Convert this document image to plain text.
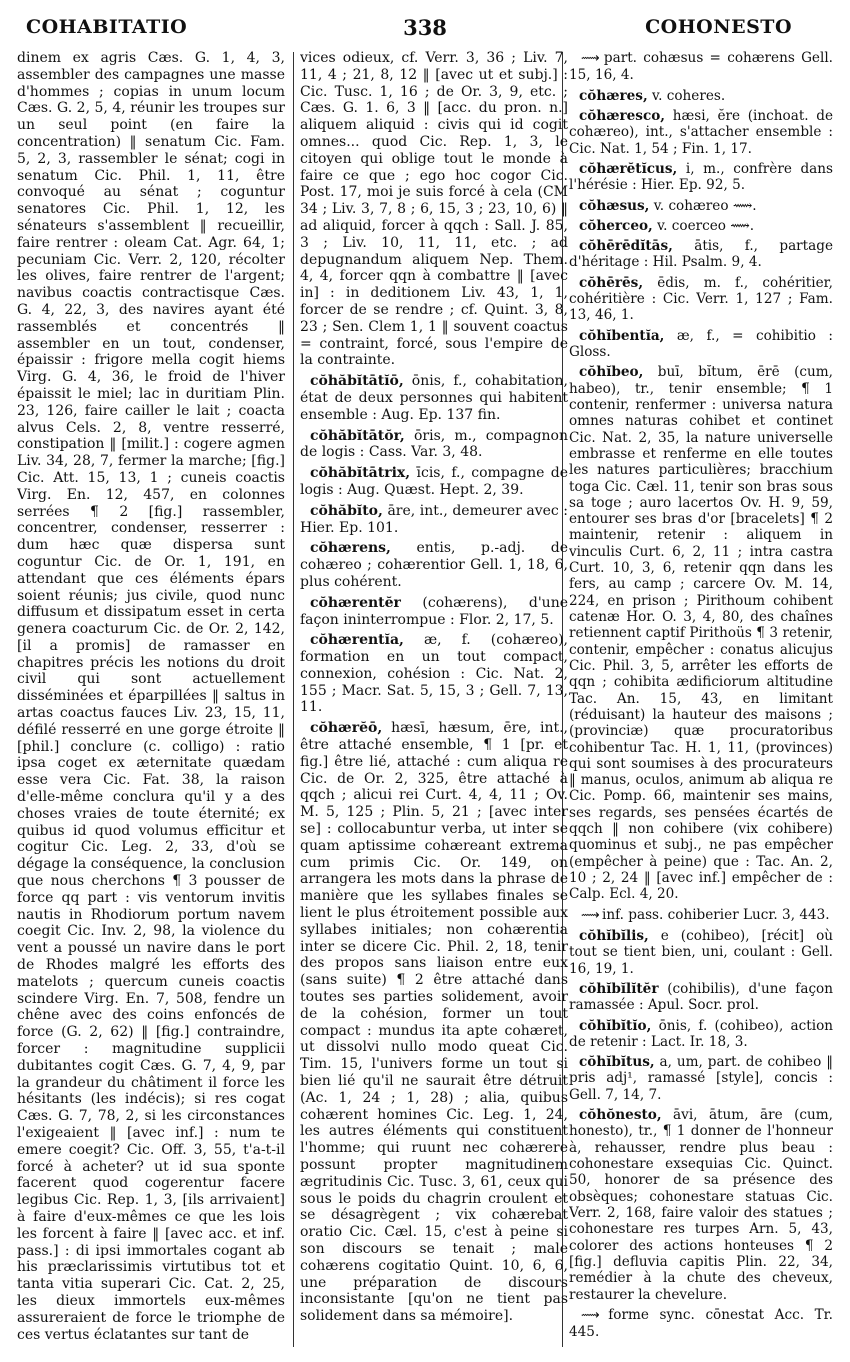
COHABITATIO	338	COHONESTO

dinem ex agris Cæs. G. 1, 4, 3, assembler des campagnes une masse d'hommes ; copias in unum locum Cæs. G. 2, 5, 4, réunir les troupes sur un seul point (en faire la concentration) ‖ senatum Cic. Fam. 5, 2, 3, rassembler le sénat; cogi in senatum Cic. Phil. 1, 11, être convoqué au sénat ; coguntur senatores Cic. Phil. 1, 12, les sénateurs s'assemblent ‖ recueillir, faire rentrer : oleam Cat. Agr. 64, 1; pecuniam Cic. Verr. 2, 120, récolter les olives, faire rentrer de l'argent; navibus coactis contractisque Cæs. G. 4, 22, 3, des navires ayant été rassemblés et concentrés ‖ assembler en un tout, condenser, épaissir : frigore mella cogit hiems Virg. G. 4, 36, le froid de l'hiver épaissit le miel; lac in duritiam Plin. 23, 126, faire cailler le lait ; coacta alvus Cels. 2, 8, ventre resserré, constipation ‖ [milit.] : cogere agmen Liv. 34, 28, 7, fermer la marche; [fig.] Cic. Att. 15, 13, 1 ; cuneis coactis Virg. En. 12, 457, en colonnes serrées ¶ 2 [fig.] rassembler, concentrer, condenser, resserrer : dum hæc quæ dispersa sunt coguntur Cic. de Or. 1, 191, en attendant que ces éléments épars soient réunis; jus civile, quod nunc diffusum et dissipatum esset in certa genera coacturum Cic. de Or. 2, 142, [il a promis] de ramasser en chapitres précis les notions du droit civil qui sont actuellement disséminées et éparpillées ‖ saltus in artas coactus fauces Liv. 23, 15, 11, défilé resserré en une gorge étroite ‖ [phil.] conclure (c. colligo) : ratio ipsa coget ex æternitate quædam esse vera Cic. Fat. 38, la raison d'elle-même conclura qu'il y a des choses vraies de toute éternité; ex quibus id quod volumus efficitur et cogitur Cic. Leg. 2, 33, d'où se dégage la conséquence, la conclusion que nous cherchons ¶ 3 pousser de force qq part : vis ventorum invitis nautis in Rhodiorum portum navem coegit Cic. Inv. 2, 98, la violence du vent a poussé un navire dans le port de Rhodes malgré les efforts des matelots ; quercum cuneis coactis scindere Virg. En. 7, 508, fendre un chêne avec des coins enfoncés de force (G. 2, 62) ‖ [fig.] contraindre, forcer : magnitudine supplicii dubitantes cogit Cæs. G. 7, 4, 9, par la grandeur du châtiment il force les hésitants (les indécis); si res cogat Cæs. G. 7, 78, 2, si les circonstances l'exigeaient ‖ [avec inf.] : num te emere coegit? Cic. Off. 3, 55, t'a-t-il forcé à acheter? ut id sua sponte facerent quod cogerentur facere legibus Cic. Rep. 1, 3, [ils arrivaient] à faire d'eux-mêmes ce que les lois les forcent à faire ‖ [avec acc. et inf. pass.] : di ipsi immortales cogant ab his præclarissimis virtutibus tot et tanta vitia superari Cic. Cat. 2, 25, les dieux immortels eux-mêmes assureraient de force le triomphe de ces vertus éclatantes sur tant de

vices odieux, cf. Verr. 3, 36 ; Liv. 7, 11, 4 ; 21, 8, 12 ‖ [avec ut et subj.] : Cic. Tusc. 1, 16 ; de Or. 3, 9, etc. ; Cæs. G. 1. 6, 3 ‖ [acc. du pron. n.] aliquem aliquid : civis qui id cogit omnes... quod Cic. Rep. 1, 3, le citoyen qui oblige tout le monde à faire ce que ; ego hoc cogor Cic. Post. 17, moi je suis forcé à cela (CM 34 ; Liv. 3, 7, 8 ; 6, 15, 3 ; 23, 10, 6) ‖ ad aliquid, forcer à qqch : Sall. J. 85, 3 ; Liv. 10, 11, 11, etc. ; ad depugnandum aliquem Nep. Them. 4, 4, forcer qqn à combattre ‖ [avec in] : in deditionem Liv. 43, 1, 1, forcer de se rendre ; cf. Quint. 3, 8, 23 ; Sen. Clem 1, 1 ‖ souvent coactus = contraint, forcé, sous l'empire de la contrainte.

cŏhăbĭtātĭō, ōnis, f., cohabitation, état de deux personnes qui habitent ensemble : Aug. Ep. 137 fin.

cŏhăbĭtātŏr, ōris, m., compagnon de logis : Cass. Var. 3, 48.

cŏhăbĭtātrix, īcis, f., compagne de logis : Aug. Quæst. Hept. 2, 39.

cŏhăbĭto, āre, int., demeurer avec : Hier. Ep. 101.

cŏhærens, entis, p.-adj. de cohæreo ; cohærentior Gell. 1, 18, 6, plus cohérent.

cŏhærentĕr (cohærens), d'une façon ininterrompue : Flor. 2, 17, 5.

cŏhærentĭa, æ, f. (cohæreo), formation en un tout compact, connexion, cohésion : Cic. Nat. 2, 155 ; Macr. Sat. 5, 15, 3 ; Gell. 7, 13, 11.

cŏhærĕō, hæsī, hæsum, ēre, int., être attaché ensemble, ¶ 1 [pr. et fig.] être lié, attaché : cum aliqua re Cic. de Or. 2, 325, être attaché à qqch ; alicui rei Curt. 4, 4, 11 ; Ov. M. 5, 125 ; Plin. 5, 21 ; [avec inter se] : collocabuntur verba, ut inter se quam aptissime cohæreant extrema cum primis Cic. Or. 149, on arrangera les mots dans la phrase de manière que les syllabes finales se lient le plus étroitement possible aux syllabes initiales; non cohærentia inter se dicere Cic. Phil. 2, 18, tenir des propos sans liaison entre eux (sans suite) ¶ 2 être attaché dans toutes ses parties solidement, avoir de la cohésion, former un tout compact : mundus ita apte cohæret, ut dissolvi nullo modo queat Cic. Tim. 15, l'univers forme un tout si bien lié qu'il ne saurait être détruit (Ac. 1, 24 ; 1, 28) ; alia, quibus cohærent homines Cic. Leg. 1, 24, les autres éléments qui constituent l'homme; qui ruunt nec cohærere possunt propter magnitudinem ægritudinis Cic. Tusc. 3, 61, ceux qui sous le poids du chagrin croulent et se désagrègent ; vix cohærebat oratio Cic. Cæl. 15, c'est à peine si son discours se tenait ; male cohærens cogitatio Quint. 10, 6, 6, une préparation de discours inconsistante [qu'on ne tient pas solidement dans sa mémoire].

⟿ part. cohæsus = cohærens Gell. 15, 16, 4.

cŏhæres, v. coheres.

cŏhæresco, hæsi, ĕre (inchoat. de cohæreo), int., s'attacher ensemble : Cic. Nat. 1, 54 ; Fin. 1, 17.

cŏhærĕtĭcus, i, m., confrère dans l'hérésie : Hier. Ep. 92, 5.

cŏhæsus, v. cohæreo ⟿.

cŏherceo, v. coerceo ⟿.

cŏhērēdĭtās, ātis, f., partage d'héritage : Hil. Psalm. 9, 4.

cŏhērēs, ēdis, m. f., cohéritier, cohéritière : Cic. Verr. 1, 127 ; Fam. 13, 46, 1.

cŏhĭbentĭa, æ, f., = cohibitio : Gloss.

cŏhĭbeo, buī, bĭtum, ērē (cum, habeo), tr., tenir ensemble; ¶ 1 contenir, renfermer : universa natura omnes naturas cohibet et continet Cic. Nat. 2, 35, la nature universelle embrasse et renferme en elle toutes les natures particulières; bracchium toga Cic. Cæl. 11, tenir son bras sous sa toge ; auro lacertos Ov. H. 9, 59, entourer ses bras d'or [bracelets] ¶ 2 maintenir, retenir : aliquem in vinculis Curt. 6, 2, 11 ; intra castra Curt. 10, 3, 6, retenir qqn dans les fers, au camp ; carcere Ov. M. 14, 224, en prison ; Pirithoum cohibent catenæ Hor. O. 3, 4, 80, des chaînes retiennent captif Pirithoüs ¶ 3 retenir, contenir, empêcher : conatus alicujus Cic. Phil. 3, 5, arrêter les efforts de qqn ; cohibita ædificiorum altitudine Tac. An. 15, 43, en limitant (réduisant) la hauteur des maisons ; (provinciæ) quæ procuratoribus cohibentur Tac. H. 1, 11, (provinces) qui sont soumises à des procurateurs ‖ manus, oculos, animum ab aliqua re Cic. Pomp. 66, maintenir ses mains, ses regards, ses pensées écartés de qqch ‖ non cohibere (vix cohibere) quominus et subj., ne pas empêcher (empêcher à peine) que : Tac. An. 2, 10 ; 2, 24 ‖ [avec inf.] empêcher de : Calp. Ecl. 4, 20.

⟿ inf. pass. cohiberier Lucr. 3, 443.

cŏhĭbĭlis, e (cohibeo), [récit] où tout se tient bien, uni, coulant : Gell. 16, 19, 1.

cŏhĭbĭlĭtĕr (cohibilis), d'une façon ramassée : Apul. Socr. prol.

cŏhĭbĭtĭo, ōnis, f. (cohibeo), action de retenir : Lact. Ir. 18, 3.

cŏhĭbĭtus, a, um, part. de cohibeo ‖ pris adj¹, ramassé [style], concis : Gell. 7, 14, 7.

cŏhŏnesto, āvi, ātum, āre (cum, honesto), tr., ¶ 1 donner de l'honneur à, rehausser, rendre plus beau : cohonestare exsequias Cic. Quinct. 50, honorer de sa présence des obsèques; cohonestare statuas Cic. Verr. 2, 168, faire valoir des statues ; cohonestare res turpes Arn. 5, 43, colorer des actions honteuses ¶ 2 [fig.] defluvia capitis Plin. 22, 34, remédier à la chute des cheveux, restaurer la chevelure.

⟿ forme sync. cōnestat Acc. Tr. 445.
